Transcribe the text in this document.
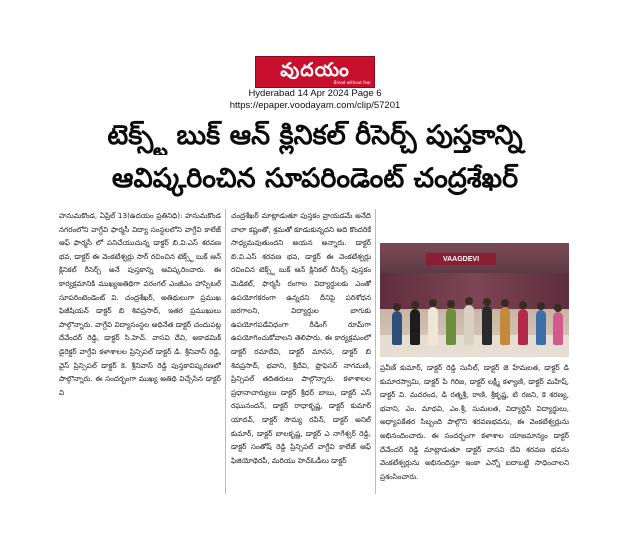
వుదయం
Bread without fear
Hyderabad 14 Apr 2024 Page 6
https://epaper.voodayam.com/clip/57201
టెక్స్ట్ బుక్ ఆన్ క్లినికల్ రీసెర్చ్ పుస్తకాన్ని
ఆవిష్కరించిన సూపరిండెంట్ చంద్రశేఖర్

హనుమకొండ, ఏప్రిల్ 13(ఉదయం ప్రతినిధి): హనుమకొండ నగరంలోని వాగ్దేవి ఫార్మసీ విద్యా సంస్థలలోని వాగ్దేవి కాలేజ్ ఆఫ్ ఫార్మసీ లో పనిచేయుచున్న డాక్టర్ బి.వి.ఎస్ శరవణ భవ, డాక్టర్ ఈ వెంకటేశ్వర్లు సార్ రచించిన టెక్స్ట్ బుక్ ఆన్ క్లినికల్ రీసెర్చ్ అనే పుస్తకాన్ని ఆవిష్కరించారు. ఈ కార్యక్రమానికి ముఖ్యఅతిథిగా వరంగల్ ఎంజీఎం హాస్పిటల్ సూపరింటెండెంట్ వి. చంద్రశేఖర్, అతిథులుగా ప్రముఖ ఫిజీషియన్ డాక్టర్ బి శివప్రసాద్, ఇతర ప్రముఖులు పాల్గొన్నారు. వాగ్దేవి విద్యాసంస్థల అధినేత డాక్టర్ చందుపట్ల దేవేందర్ రెడ్డి, డాక్టర్ సి.హెచ్. వాసవి దేవి, అకాడమిక్ డైరెక్టర్ వాగ్దేవి కళాశాలల ప్రిన్సిపల్ డాక్టర్ డి. శ్రీనివాస్ రెడ్డి, వైస్ ప్రిన్సిపల్ డాక్టర్ కె. శ్రీనివాస్ రెడ్డి పుస్తకావిష్కరణలో పాల్గొన్నారు. ఈ సందర్భంగా ముఖ్య అతిథి విచ్చేసిన డాక్టర్ వి

చంద్రశేఖర్ మాట్లాడుతూ పుస్తకం వ్రాయడమే అనేది చాలా కష్టంతో, శ్రమతో కూడుకున్నదని అది కొందరికే సాధ్యమవుతుందని అయన అన్నారు. డాక్టర్ బి.వి.ఎస్ శరవణ భవ, డాక్టర్ ఈ వెంకటేశ్వర్లు రచించిన టెక్స్ట్ బుక్ ఆన్ క్లినికల్ రీసెర్చ్ పుస్తకం మెడికల్, ఫార్మసీ రంగాల విద్యార్థులకు ఎంతో ఉపయోగకరంగా ఉన్నదని దీనిపై పరిశోధన జరగాలని, విద్యార్థుల బాగుకు ఉపయోగపడేవిధంగా రీడింగ్ రూమ్‌గా ఉపయోగించుకోవాలని తెలిపారు. ఈ కార్యక్రమంలో డాక్టర్ రమాదేవి, డాక్టర్ మానస, డాక్టర్ బి శివప్రసాద్, భవాని, శ్రీదేవి, ఫ్రొఫెసర్ నాగమణి, ప్రిన్సిపల్ తదితరులు పాల్గొన్నారు. కళాశాలల ప్రధానాచార్యులు డాక్టర్ శ్రీధర్ బాబు, డాక్టర్ ఎస్ రఘునందన్, డాక్టర్ రాధాకృష్ణ, డాక్టర్ కుమార్ యాదవ్, డాక్టర్ సౌమ్య రవీన్, డాక్టర్ అనిల్ కుమార్, డాక్టర్ బాలకృష్ణ, డాక్టర్ ఎ నాగేశ్వర్ రెడ్డి, డాక్టర్ సంతోష్ రెడ్డి ప్రిన్సిపల్ వాగ్దేవి కాలేజ్ ఆఫ్ ఫిజియోథెరపీ, మరియు హెచ్ఓడీలు డాక్టర్

VAAGDEVI

ప్రవీణ్ కుమార్, డాక్టర్ రెడ్డి సునీల్, డాక్టర్ జె హేమలత, డాక్టర్ డి కుమారస్వామి, డాక్టర్ పి గిరిజ, డాక్టర్ లక్ష్మీ కళ్యాణి, డాక్టర్ మహేష్, డాక్టర్ వి. మదరంద, డి రత్నశ్రీ, రాణి, శ్రీకృష్ణ, టి రజని, కె శరణ్య, భవాని, ఎం. మాధవి, ఎం.శ్రీ, సుమలత, విద్యార్థినీ విద్యార్థులు, అధ్యాపకేతర సిబ్బంది పాల్గొని శరవణభవను, ఈ వెంకటేశ్వర్లును అభినందించారు. ఈ సందర్భంగా కళాశాల యాజమాన్యం డాక్టర్ దేవేందర్ రెడ్డి మాట్లాడుతూ డాక్టర్ వాసవి దేవి శరవణ భవను వెంకటేశ్వర్లును అభినందిస్తూ ఇంకా ఎన్నో ఐదాబట్టి సాధించాలని ప్రశంసించారు.
